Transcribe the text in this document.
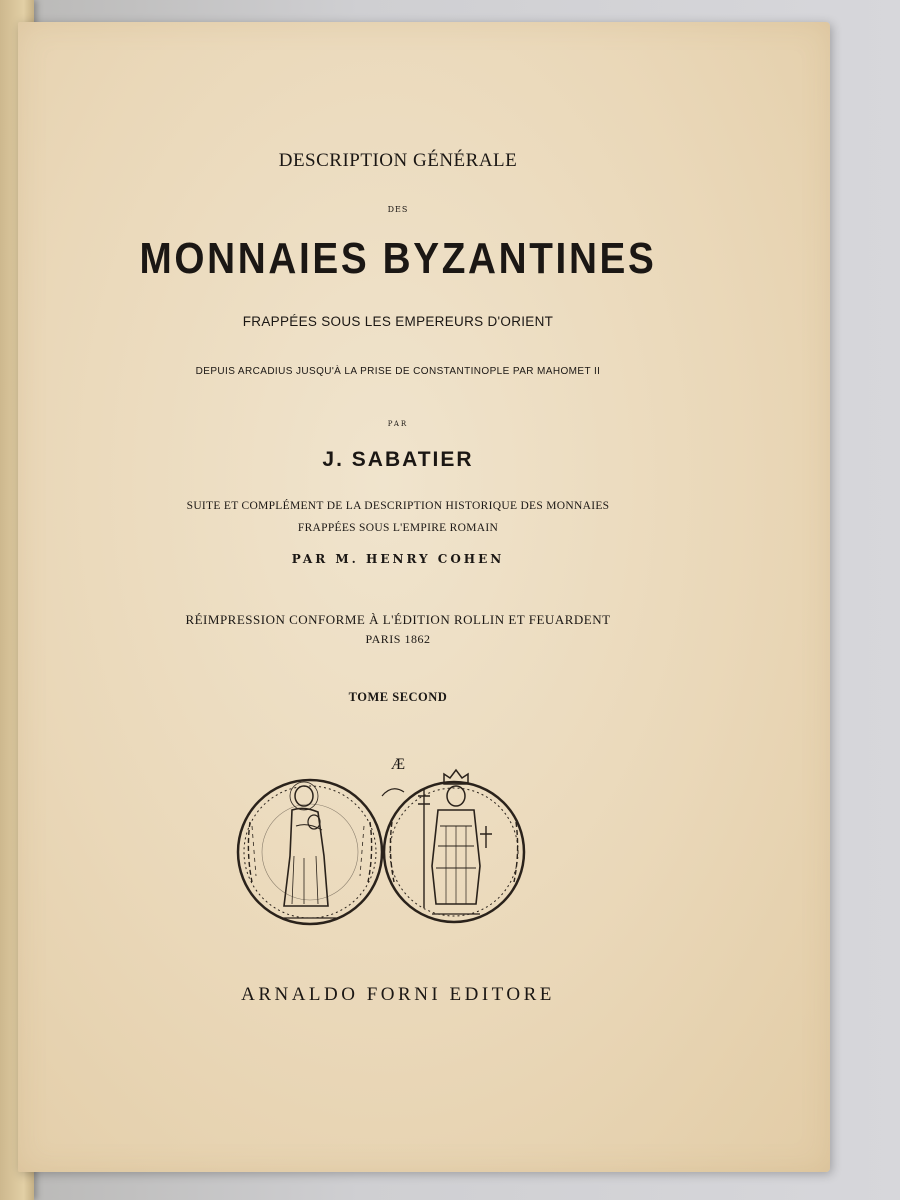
DESCRIPTION GÉNÉRALE

DES

MONNAIES BYZANTINES

FRAPPÉES SOUS LES EMPEREURS D'ORIENT

DEPUIS ARCADIUS JUSQU'À LA PRISE DE CONSTANTINOPLE PAR MAHOMET II

PAR

J. SABATIER

SUITE ET COMPLÉMENT DE LA DESCRIPTION HISTORIQUE DES MONNAIES

FRAPPÉES SOUS L'EMPIRE ROMAIN

PAR M. HENRY COHEN

RÉIMPRESSION CONFORME À L'ÉDITION ROLLIN ET FEUARDENT

PARIS 1862

TOME SECOND

Æ

ARNALDO FORNI EDITORE
